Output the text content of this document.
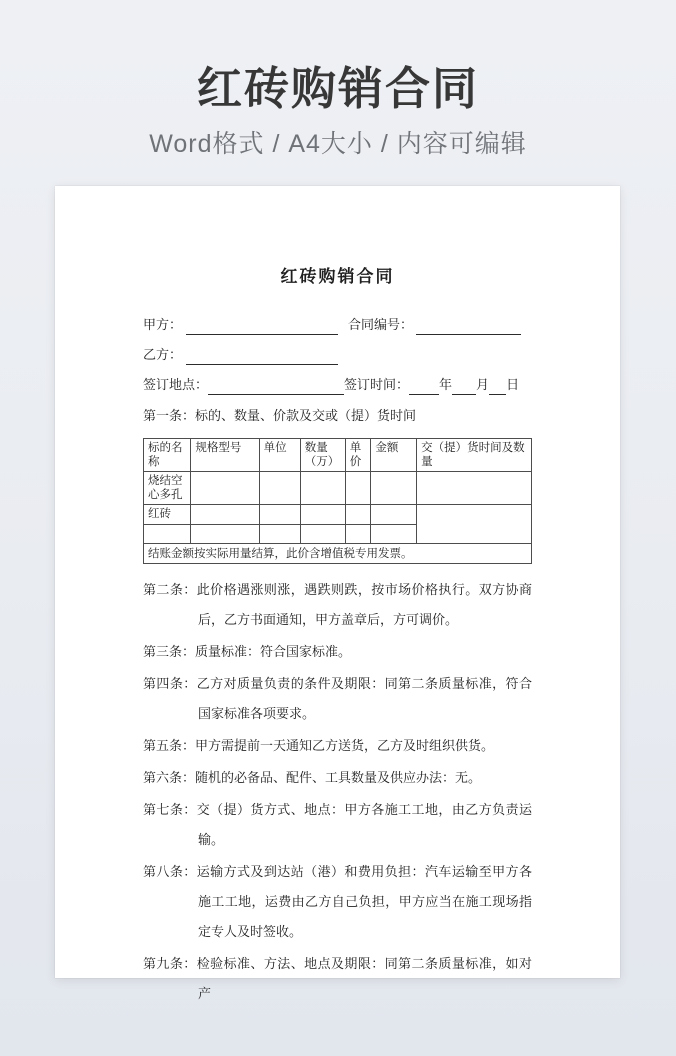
红砖购销合同
Word格式 / A4大小 / 内容可编辑
红砖购销合同
甲方：	合同编号：
乙方：
签订地点：	签订时间： 年 月 日
第一条：标的、数量、价款及交或（提）货时间
标的名称	规格型号	单位	数量（万）	单价	金额	交（提）货时间及数量
烧结空心多孔						
红砖						

结账金额按实际用量结算，此价含增值税专用发票。						
第二条：此价格遇涨则涨，遇跌则跌，按市场价格执行。双方协商后，乙方书面通知，甲方盖章后，方可调价。
第三条：质量标准：符合国家标准。
第四条：乙方对质量负责的条件及期限：同第二条质量标准，符合国家标准各项要求。
第五条：甲方需提前一天通知乙方送货，乙方及时组织供货。
第六条：随机的必备品、配件、工具数量及供应办法：无。
第七条：交（提）货方式、地点：甲方各施工工地，由乙方负责运输。
第八条：运输方式及到达站（港）和费用负担：汽车运输至甲方各施工工地，运费由乙方自己负担，甲方应当在施工现场指定专人及时签收。
第九条：检验标准、方法、地点及期限：同第二条质量标准，如对产
